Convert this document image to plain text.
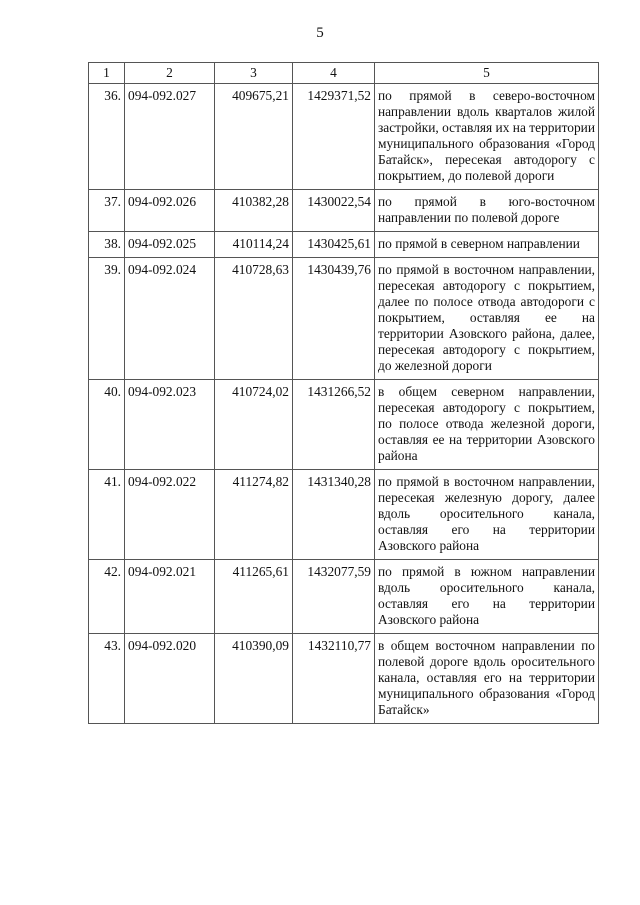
5
1	2	3	4	5
36.	094-092.027	409675,21	1429371,52	по прямой в северо-восточном направлении вдоль кварталов жилой застройки, оставляя их на территории муниципального образования «Город Батайск», пересекая автодорогу с покрытием, до полевой дороги
37.	094-092.026	410382,28	1430022,54	по прямой в юго-восточном направлении по полевой дороге
38.	094-092.025	410114,24	1430425,61	по прямой в северном направлении
39.	094-092.024	410728,63	1430439,76	по прямой в восточном направлении, пересекая автодорогу с покрытием, далее по полосе отвода автодороги с покрытием, оставляя ее на территории Азовского района, далее, пересекая автодорогу с покрытием, до железной дороги
40.	094-092.023	410724,02	1431266,52	в общем северном направлении, пересекая автодорогу с покрытием, по полосе отвода железной дороги, оставляя ее на территории Азовского района
41.	094-092.022	411274,82	1431340,28	по прямой в восточном направлении, пересекая железную дорогу, далее вдоль оросительного канала, оставляя его на территории Азовского района
42.	094-092.021	411265,61	1432077,59	по прямой в южном направлении вдоль оросительного канала, оставляя его на территории Азовского района
43.	094-092.020	410390,09	1432110,77	в общем восточном направлении по полевой дороге вдоль оросительного канала, оставляя его на территории муниципального образования «Город Батайск»
